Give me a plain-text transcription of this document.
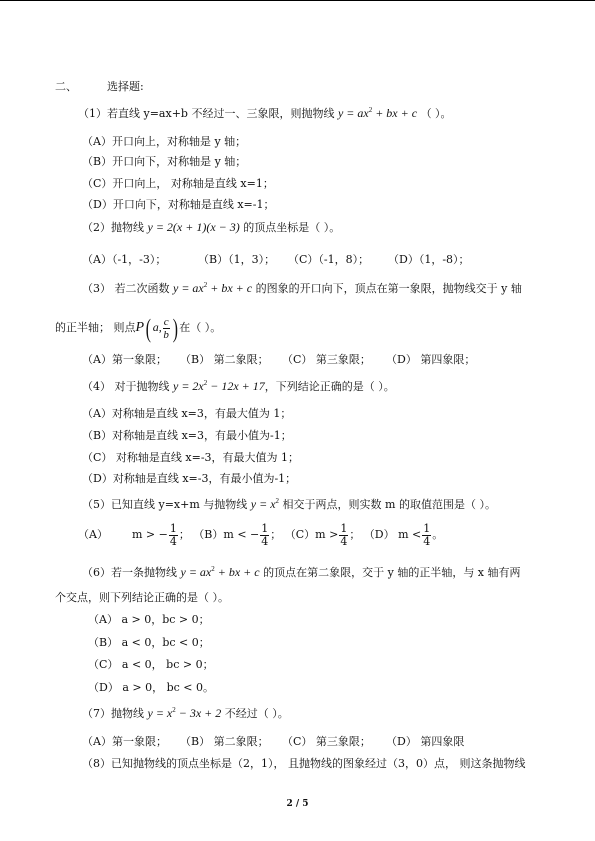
二、	选择题:
（1）若直线 y=ax+b 不经过一、三象限，则抛物线 $y = ax^2$ + bx + c （ ）。
（A）开口向上，对称轴是 y 轴；
（B）开口向下，对称轴是 y 轴；
（C）开口向上， 对称轴是直线 x=1；
（D）开口向下，对称轴是直线 x=-1；
（2）抛物线 y = 2(x + 1)(x − 3) 的顶点坐标是（ ）。
（A）（-1，-3）；	（B）（1，3）； （C）（-1，8）； （D）（1，-8）；
（3） 若二次函数 $y = ax^2$ + bx + c 的图象的开口向下，顶点在第一象限，抛物线交于 y 轴
的正半轴； 则点P( a, $\frac{c}{b}$ ) 在（ ）。
（A）第一象限； （B） 第二象限； （C） 第三象限； （D） 第四象限；
（4） 对于抛物线 $y = 2x^2 - 12x + 17$，下列结论正确的是（ ）。
（A）对称轴是直线 x=3，有最大值为 1；
（B）对称轴是直线 x=3，有最小值为-1；
（C） 对称轴是直线 x=-3，有最大值为 1；
（D）对称轴是直线 x=-3，有最小值为-1；
（5）已知直线 y=x+m 与抛物线 $y = x^2$ 相交于两点，则实数 m 的取值范围是（ ）。
（A） m > − $\frac{1}{4}$ ； （B）m < − $\frac{1}{4}$ ； $(C)m > \frac{1}{4}$ ； （D） $m < \frac{1}{4}$ 。
（6）若一条抛物线 $y = ax^2$ + bx + c 的顶点在第二象限，交于 y 轴的正半轴，与 x 轴有两
个交点，则下列结论正确的是（ ）。
（A） a > 0，bc > 0；
（B） a < 0，bc < 0；
（C） a < 0， bc > 0；
（D） a > 0， bc < 0。
（7）抛物线 $y = x^2 - 3x + 2$ 不经过（ ）。
（A）第一象限； （B） 第二象限； （C） 第三象限； （D） 第四象限
（8）已知抛物线的顶点坐标是（2，1）， 且抛物线的图象经过（3，0）点， 则这条抛物线
2 / 5
